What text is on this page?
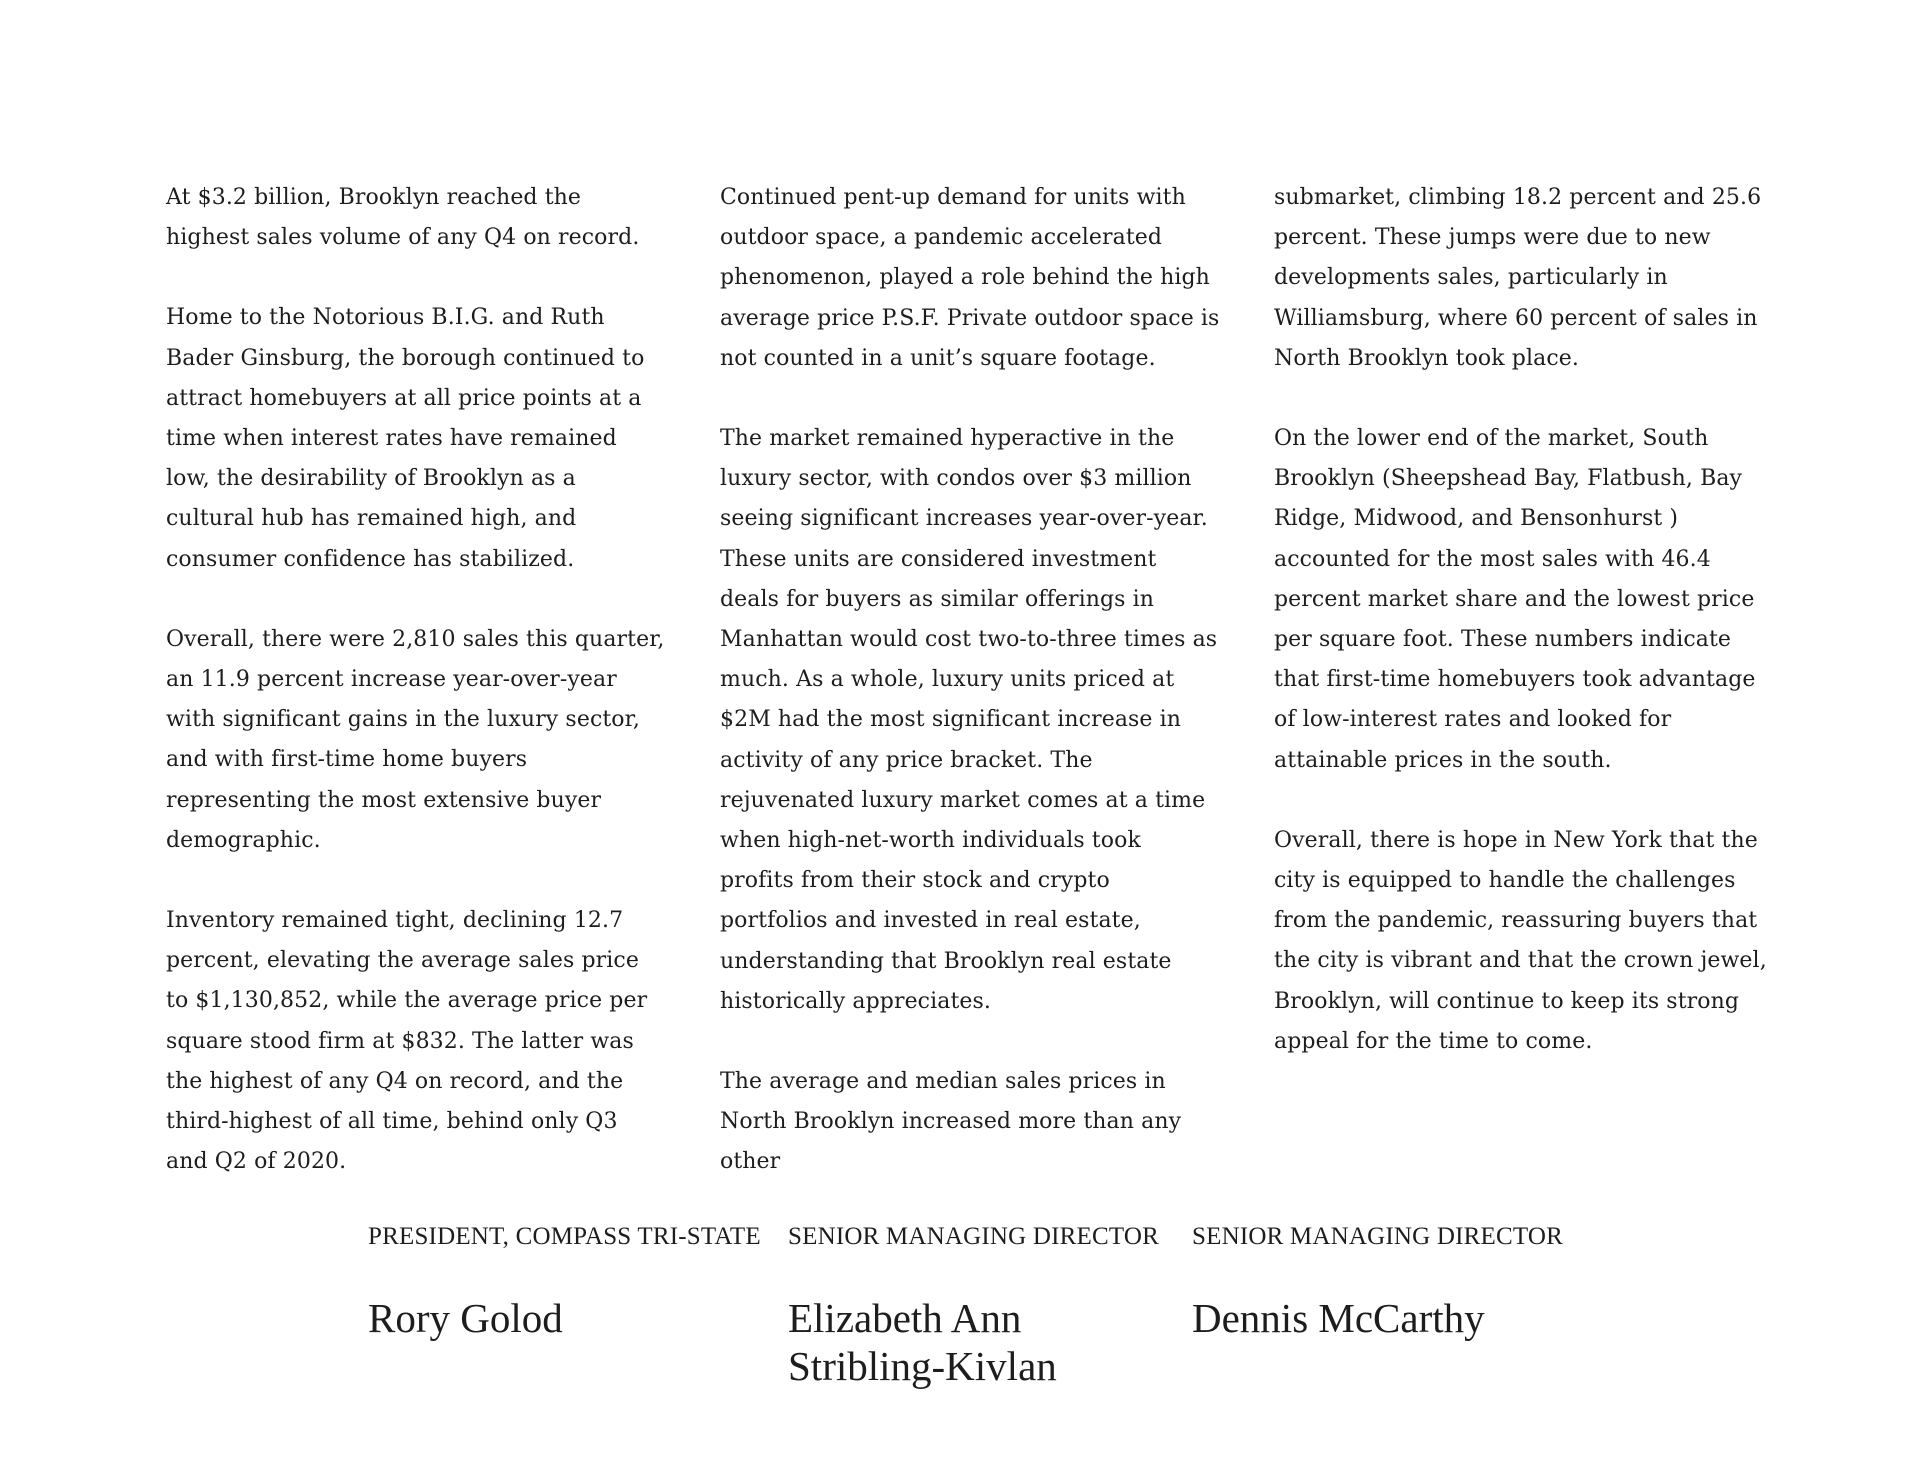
At $3.2 billion, Brooklyn reached the highest sales volume of any Q4 on record.

Home to the Notorious B.I.G. and Ruth Bader Ginsburg, the borough continued to attract homebuyers at all price points at a time when interest rates have remained low, the desirability of Brooklyn as a cultural hub has remained high, and consumer confidence has stabilized.

Overall, there were 2,810 sales this quarter, an 11.9 percent increase year-over-year with significant gains in the luxury sector, and with first-time home buyers representing the most extensive buyer demographic.

Inventory remained tight, declining 12.7 percent, elevating the average sales price to $1,130,852, while the average price per square stood firm at $832. The latter was the highest of any Q4 on record, and the third-highest of all time, behind only Q3 and Q2 of 2020.

Continued pent-up demand for units with outdoor space, a pandemic accelerated phenomenon, played a role behind the high average price P.S.F. Private outdoor space is not counted in a unit’s square footage.

The market remained hyperactive in the luxury sector, with condos over $3 million seeing significant increases year-over-year. These units are considered investment deals for buyers as similar offerings in Manhattan would cost two-to-three times as much. As a whole, luxury units priced at $2M had the most significant increase in activity of any price bracket. The rejuvenated luxury market comes at a time when high-net-worth individuals took profits from their stock and crypto portfolios and invested in real estate, understanding that Brooklyn real estate historically appreciates.

The average and median sales prices in North Brooklyn increased more than any other

submarket, climbing 18.2 percent and 25.6 percent. These jumps were due to new developments sales, particularly in Williamsburg, where 60 percent of sales in North Brooklyn took place.

On the lower end of the market, South Brooklyn (Sheepshead Bay, Flatbush, Bay Ridge, Midwood, and Bensonhurst ) accounted for the most sales with 46.4 percent market share and the lowest price per square foot. These numbers indicate that first-time homebuyers took advantage of low-interest rates and looked for attainable prices in the south.

Overall, there is hope in New York that the city is equipped to handle the challenges from the pandemic, reassuring buyers that the city is vibrant and that the crown jewel, Brooklyn, will continue to keep its strong appeal for the time to come.

PRESIDENT, COMPASS TRI-STATE
Rory Golod
SENIOR MANAGING DIRECTOR
Elizabeth Ann Stribling-Kivlan
SENIOR MANAGING DIRECTOR
Dennis McCarthy
